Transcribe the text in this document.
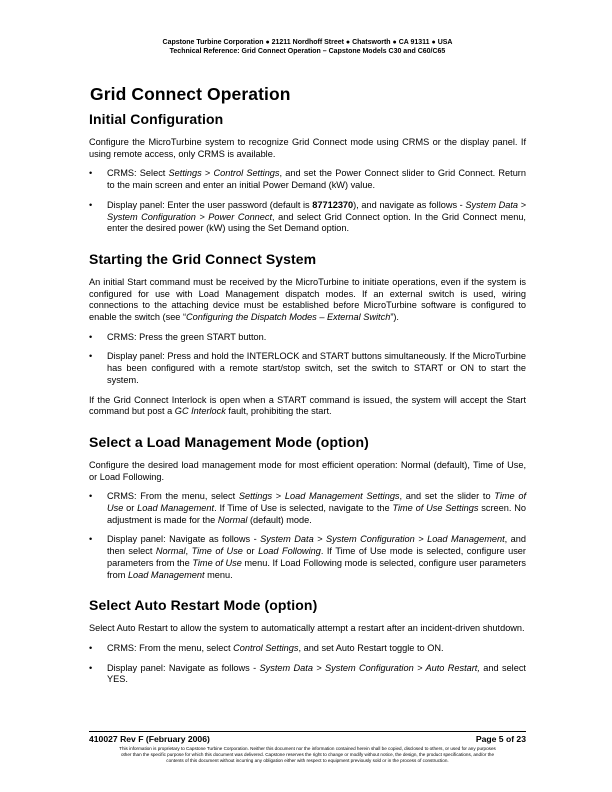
Capstone Turbine Corporation ● 21211 Nordhoff Street ● Chatsworth ● CA 91311 ● USA
Technical Reference: Grid Connect Operation – Capstone Models C30 and C60/C65
Grid Connect Operation
Initial Configuration

Configure the MicroTurbine system to recognize Grid Connect mode using CRMS or the display panel. If using remote access, only CRMS is available.

• CRMS: Select Settings > Control Settings, and set the Power Connect slider to Grid Connect. Return to the main screen and enter an initial Power Demand (kW) value.
• Display panel: Enter the user password (default is 87712370), and navigate as follows - System Data > System Configuration > Power Connect, and select Grid Connect option. In the Grid Connect menu, enter the desired power (kW) using the Set Demand option.
Starting the Grid Connect System

An initial Start command must be received by the MicroTurbine to initiate operations, even if the system is configured for use with Load Management dispatch modes. If an external switch is used, wiring connections to the attaching device must be established before MicroTurbine software is configured to enable the switch (see “Configuring the Dispatch Modes – External Switch”).

• CRMS: Press the green START button.
• Display panel: Press and hold the INTERLOCK and START buttons simultaneously. If the MicroTurbine has been configured with a remote start/stop switch, set the switch to START or ON to start the system.

If the Grid Connect Interlock is open when a START command is issued, the system will accept the Start command but post a GC Interlock fault, prohibiting the start.

Select a Load Management Mode (option)

Configure the desired load management mode for most efficient operation: Normal (default), Time of Use, or Load Following.

• CRMS: From the menu, select Settings > Load Management Settings, and set the slider to Time of Use or Load Management. If Time of Use is selected, navigate to the Time of Use Settings screen. No adjustment is made for the Normal (default) mode.
• Display panel: Navigate as follows - System Data > System Configuration > Load Management, and then select Normal, Time of Use or Load Following. If Time of Use mode is selected, configure user parameters from the Time of Use menu. If Load Following mode is selected, configure user parameters from Load Management menu.
Select Auto Restart Mode (option)

Select Auto Restart to allow the system to automatically attempt a restart after an incident-driven shutdown.

• CRMS: From the menu, select Control Settings, and set Auto Restart toggle to ON.
• Display panel: Navigate as follows - System Data > System Configuration > Auto Restart, and select YES.
410027 Rev F (February 2006)	Page 5 of 23
This information is proprietary to Capstone Turbine Corporation. Neither this document nor the information contained herein shall be copied, disclosed to others, or used for any purposes
other than the specific purpose for which this document was delivered. Capstone reserves the right to change or modify without notice, the design, the product specifications, and/or the
contents of this document without incurring any obligation either with respect to equipment previously sold or in the process of construction.
